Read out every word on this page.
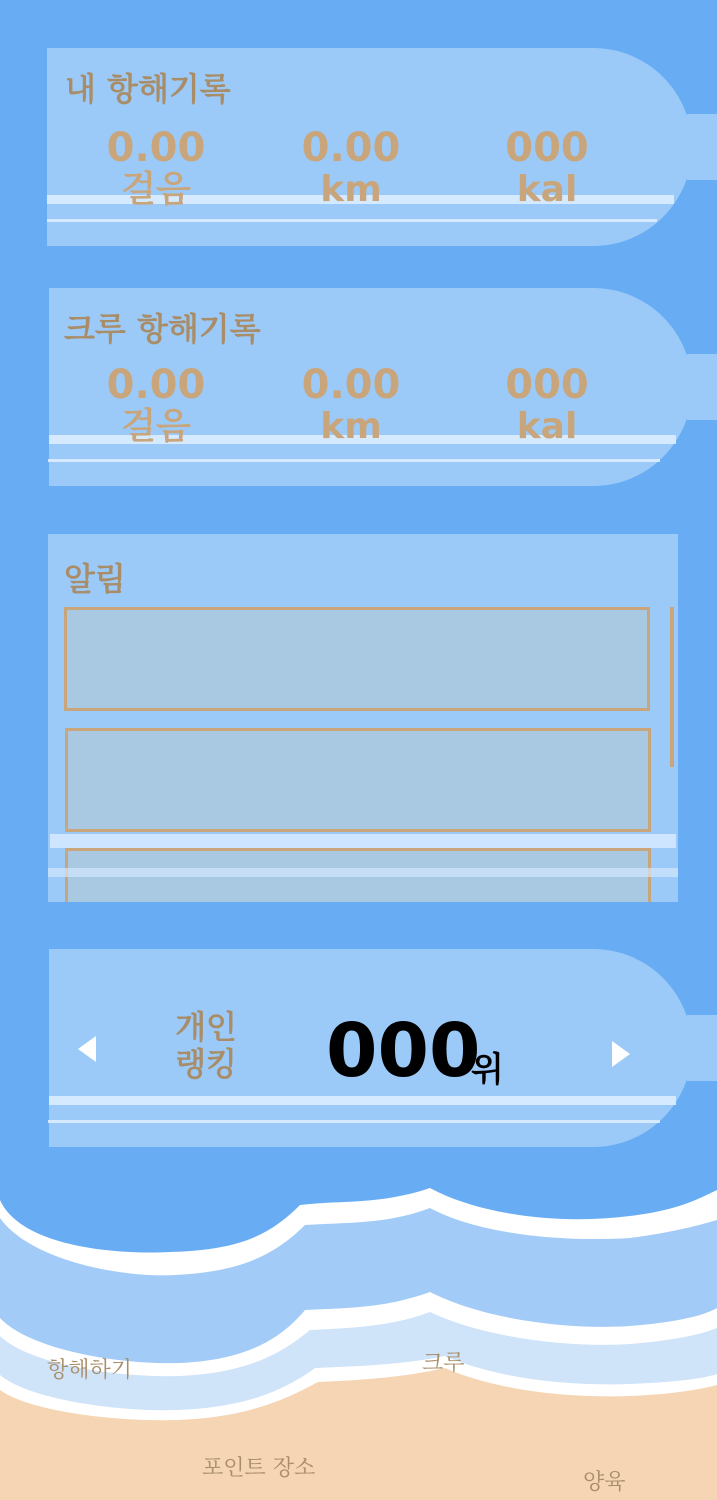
내 항해기록
0.00
걸음
0.00
km
000
kal
크루 항해기록
0.00
걸음
0.00
km
000
kal
알림
개인
랭킹 000
위
항해하기	크루
포인트 장소
양육
